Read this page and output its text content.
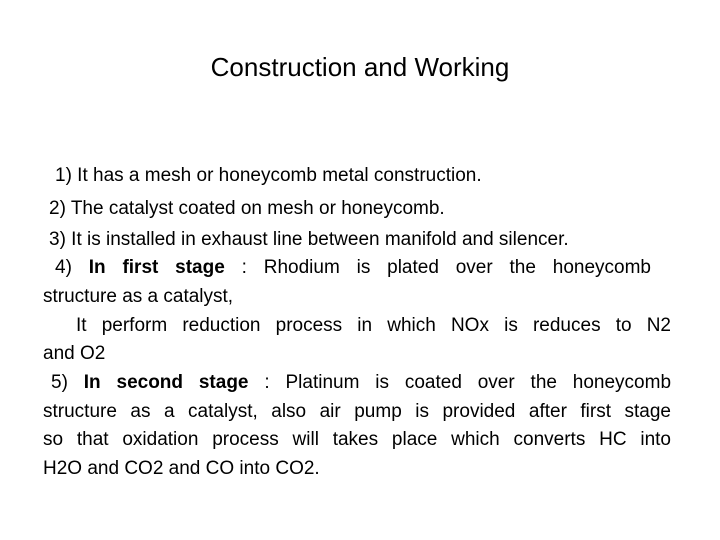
Construction and Working
1) It has a mesh or honeycomb metal construction.
2) The catalyst coated on mesh or honeycomb.
3) It is installed in exhaust line between manifold and silencer.
4) In first stage : Rhodium is plated over the honeycomb
structure as a catalyst,
It perform reduction process in which NOx is reduces to N2
and O2
5) In second stage : Platinum is coated over the honeycomb
structure as a catalyst, also air pump is provided after first stage
so that oxidation process will takes place which converts HC into
H2O and CO2 and CO into CO2.
